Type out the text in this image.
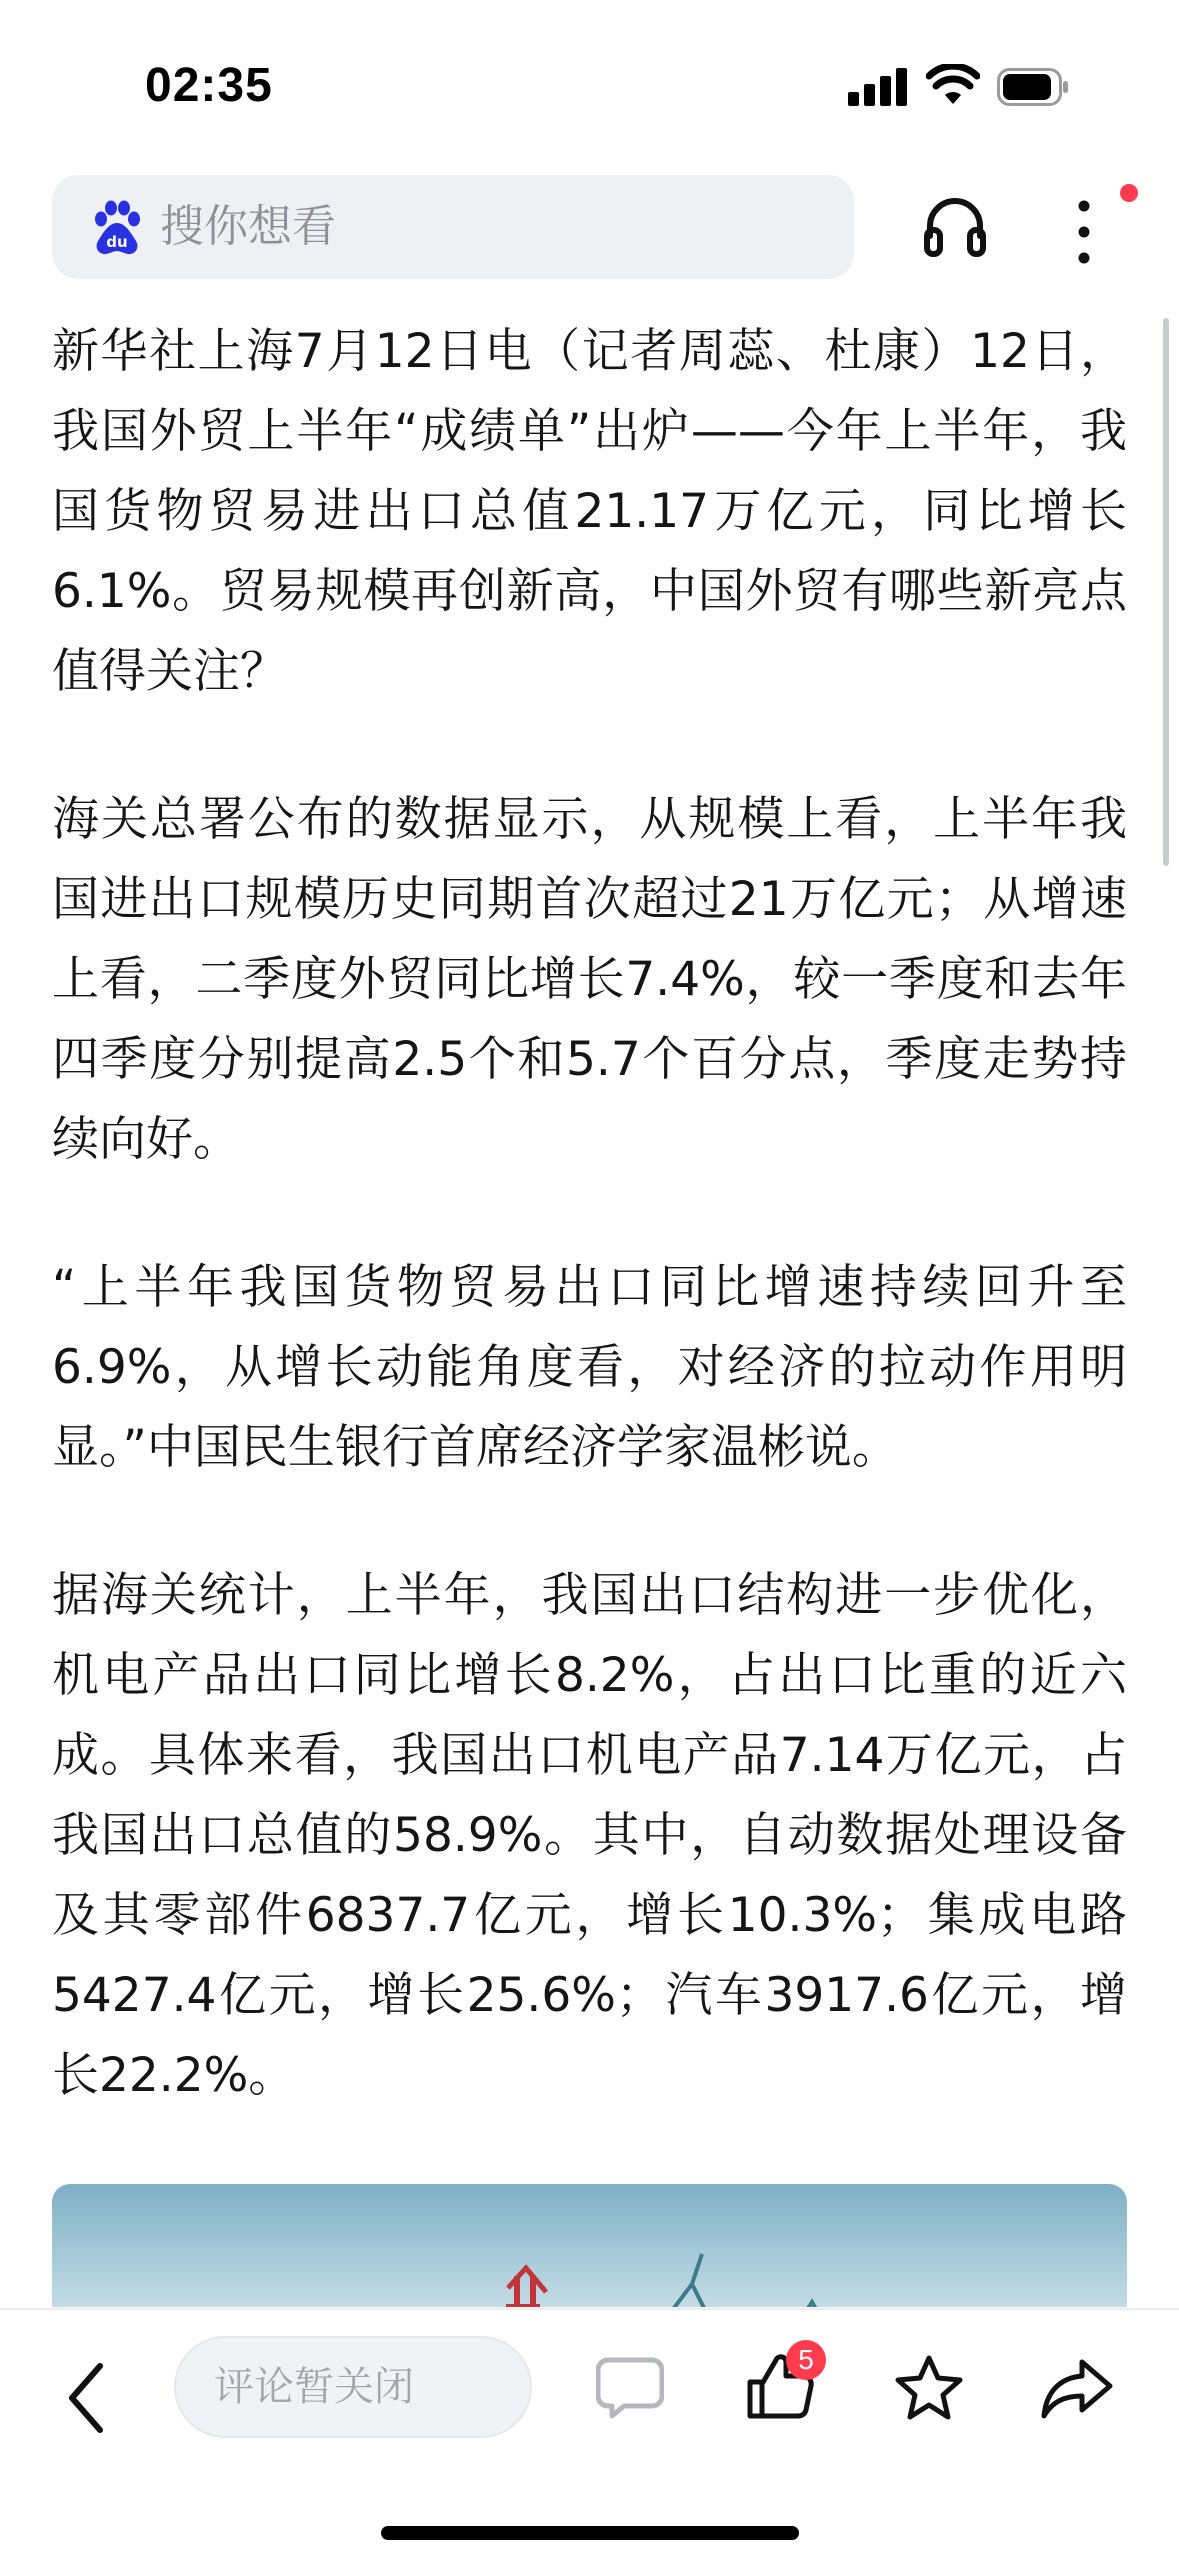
02:35
du 搜你想看

新华社上海7月12日电（记者周蕊、杜康）12日，我国外贸上半年“成绩单”出炉——今年上半年，我国货物贸易进出口总值21.17万亿元，同比增长6.1%。贸易规模再创新高，中国外贸有哪些新亮点值得关注？

海关总署公布的数据显示，从规模上看，上半年我国进出口规模历史同期首次超过21万亿元；从增速上看，二季度外贸同比增长7.4%，较一季度和去年四季度分别提高2.5个和5.7个百分点，季度走势持续向好。

“上半年我国货物贸易出口同比增速持续回升至6.9%，从增长动能角度看，对经济的拉动作用明显。”中国民生银行首席经济学家温彬说。

据海关统计，上半年，我国出口结构进一步优化，机电产品出口同比增长8.2%，占出口比重的近六成。具体来看，我国出口机电产品7.14万亿元，占我国出口总值的58.9%。其中，自动数据处理设备及其零部件6837.7亿元，增长10.3%；集成电路5427.4亿元，增长25.6%；汽车3917.6亿元，增长22.2%。

评论暂关闭
5
